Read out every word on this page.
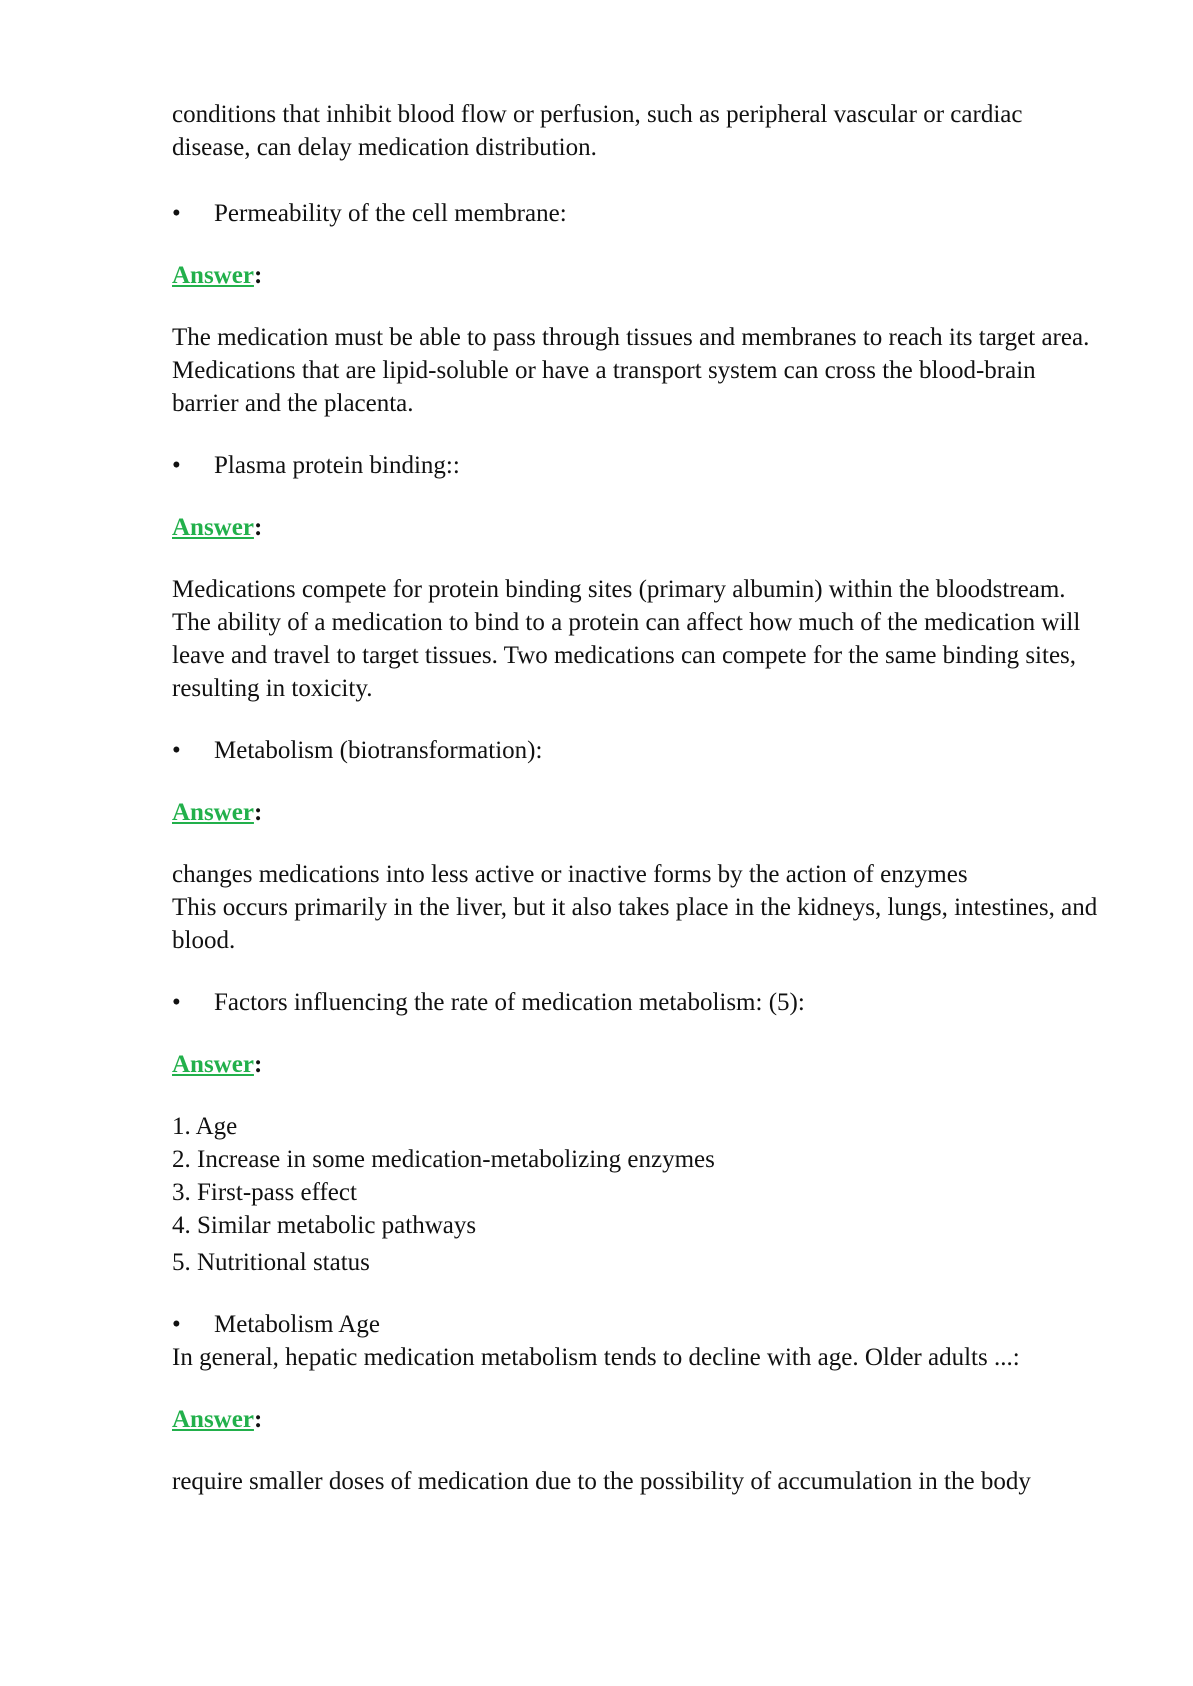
conditions that inhibit blood flow or perfusion, such as peripheral vascular or cardiac disease, can delay medication distribution.

•	Permeability of the cell membrane:

Answer:

The medication must be able to pass through tissues and membranes to reach its target area. Medications that are lipid-soluble or have a transport system can cross the blood-brain barrier and the placenta.

•	Plasma protein binding::

Answer:

Medications compete for protein binding sites (primary albumin) within the bloodstream.

The ability of a medication to bind to a protein can affect how much of the medication will leave and travel to target tissues. Two medications can compete for the same binding sites, resulting in toxicity.

•	Metabolism (biotransformation):

Answer:

changes medications into less active or inactive forms by the action of enzymes

This occurs primarily in the liver, but it also takes place in the kidneys, lungs, intestines, and blood.

•	Factors influencing the rate of medication metabolism: (5):

Answer:

1. Age

2. Increase in some medication-metabolizing enzymes

3. First-pass effect

4. Similar metabolic pathways

5. Nutritional status

•	Metabolism Age

In general, hepatic medication metabolism tends to decline with age. Older adults ...:

Answer:

require smaller doses of medication due to the possibility of accumulation in the body
